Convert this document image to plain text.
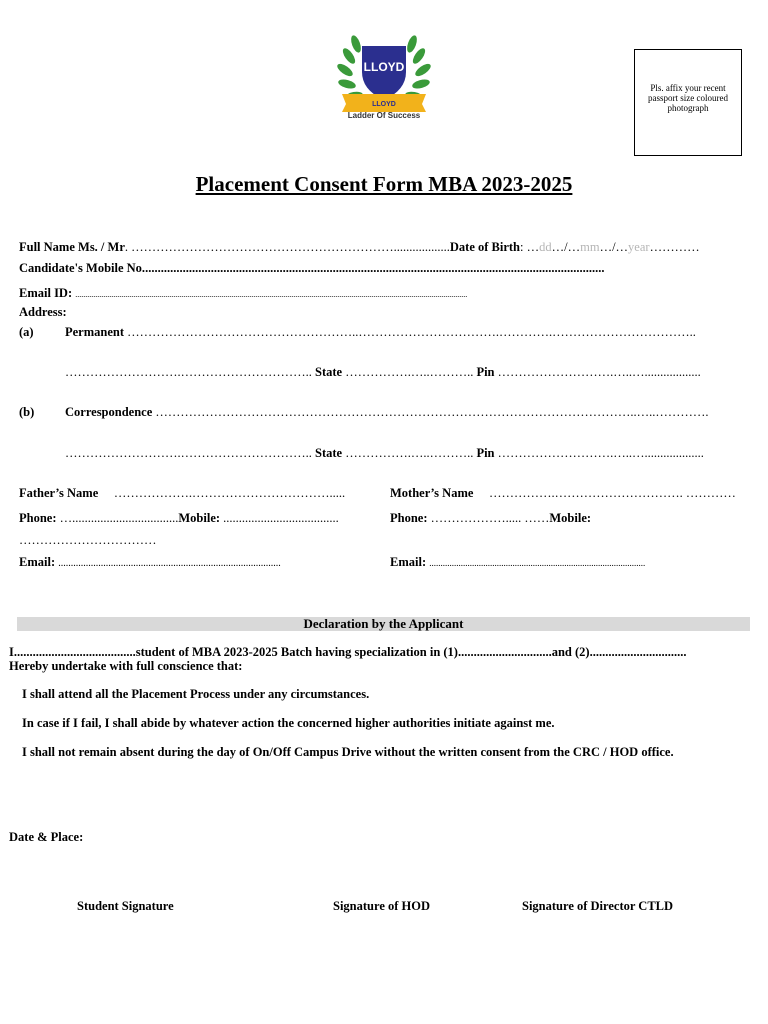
LLOYD
LLOYD
Ladder Of Success
Pls. affix your recent passport size coloured photograph
Placement Consent Form MBA 2023-2025
Full Name Ms. / Mr. ………………………………………………………..................Date of Birth: …dd…/…mm…/…year…………
Candidate's Mobile No....................................................................................................................................................
Email ID: ....................................................................................................................................................................................................
Address:
(a)	Permanent ………………………………………………..…………………………….………….……………………………..
……………………….………………………….. State …………….…..……….. Pin ……………………….…..…..................
(b) Correspondence ……………………………………………………………………………………………………..…..………….
……………………….………………………….. State …………….…..……….. Pin ……………………….…..…...................
Father’s Name ……………….…………………………….....
Phone: …..................................Mobile: .....................................
……………………………
Email: .........................................................................................
Mother’s Name …………….…………………………. …………
Phone: ………………..... ……Mobile:
Email: ................................................................................................
Declaration by the Applicant
I.......................................student of MBA 2023-2025 Batch having specialization in (1)..............................and (2)...............................
Hereby undertake with full conscience that:
I shall attend all the Placement Process under any circumstances.
In case if I fail, I shall abide by whatever action the concerned higher authorities initiate against me.
I shall not remain absent during the day of On/Off Campus Drive without the written consent from the CRC / HOD office.
Date & Place:
Student Signature	Signature of HOD	Signature of Director CTLD
